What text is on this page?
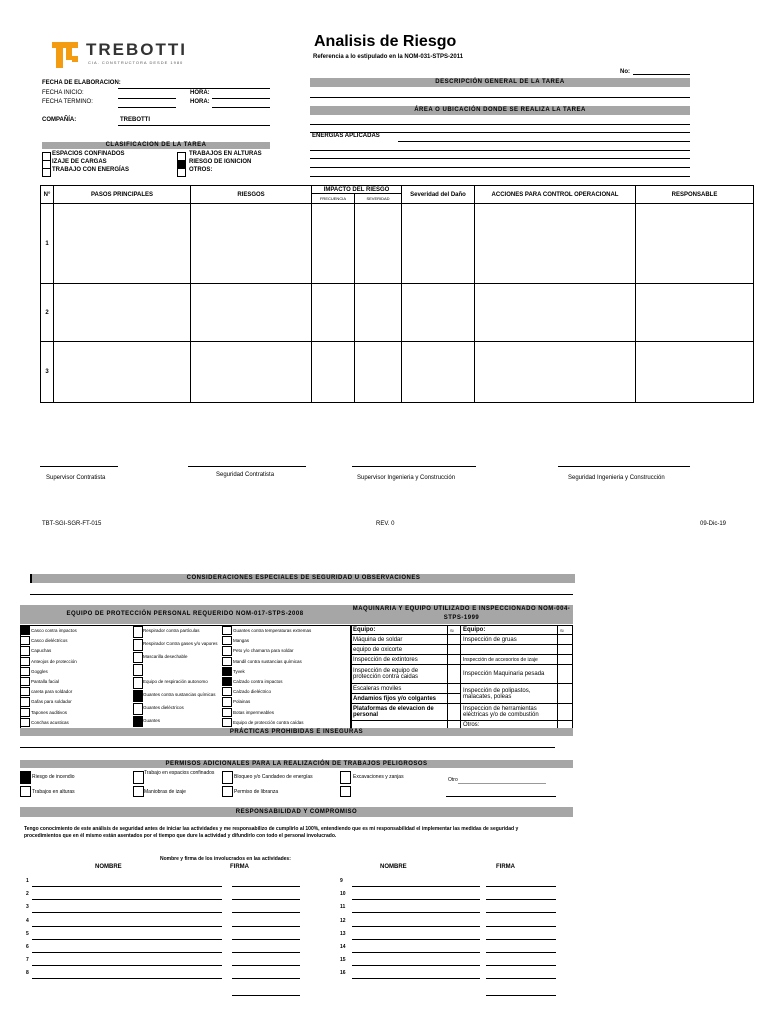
TREBOTTI
CIA. CONSTRUCTORA DESDE 1980
Analisis de Riesgo
Referencia a lo estipulado en la NOM-031-STPS-2011
No:
FECHA DE ELABORACION:
FECHA INICIO:	HORA:
FECHA TERMINO:	HORA:
COMPAÑÍA:	TREBOTTI
DESCRIPCIÓN GENERAL DE LA TAREA
ÁREA O UBICACIÓN DONDE SE REALIZA LA TAREA
ENERGIAS APLICADAS
CLASIFICACION DE LA TAREA
ESPACIOS CONFINADOS
IZAJE DE CARGAS
TRABAJO CON ENERGÍAS
TRABAJOS EN ALTURAS
RIESGO DE IGNICION
OTROS:
N°	PASOS PRINCIPALES	RIESGOS	IMPACTO DEL RIESGO		Severidad del Daño	ACCIONES PARA CONTROL OPERACIONAL	RESPONSABLE
			FRECUENCIA	SEVERIDAD			
1							
2							
3							
Supervisor Contratista	Seguridad Contratista	Supervisor Ingenieria y Construcción	Seguridad Ingenieria y Construcción
TBT-SGI-SGR-FT-015	REV. 0	09-Dic-19
CONSIDERACIONES ESPECIALES DE SEGURIDAD U OBSERVACIONES
EQUIPO DE PROTECCIÓN PERSONAL REQUERIDO NOM-017-STPS-2008
MAQUINARIA Y EQUIPO UTILIZADO E INSPECCIONADO NOM-004-STPS-1999
Casco contra impactos
Casco dieléctricos
Capuchas
Anteojos de protección
Goggles
Pantalla facial
careta para soldador
Gafas para soldador
Tapones auditivos
Conchas acusticas
Respirador contra partículas
Respirador Contra gases y/o vapores
Mascarilla desechable
Equipo de respiración autonomo
Guantes contra sustancias químicas
Guantes dieléctricos
Guantes
Guantes contra temperaturas extremas
Mangas
Peto y/o chamarra para soldar
Mandil contra sustancias químicas
Tyvek
Calzado contra impactos
Calzado dieléctrico
Polainas
Botas impermeables
Equipo de protección contra caídas
Equipo:	Si	Equipo:	Si
Máquina de soldar		Inspección de gruas	
equipo de oxicorte			
Inspección de extintores		Inspección de accesorios de izaje	
Inspección de equipo de protección contra caidas		Inspección Maquinaria pesada	
Escaleras moviles		Inspección de polipastos, malacates, poleas	
Andamios fijos y/o colgantes			
Plataformas de elevacion de personal		Inspeccion de herramientas eléctricas y/o de combustión	
		Otros:	
PRÁCTICAS PROHIBIDAS E INSEGURAS
PERMISOS ADICIONALES PARA LA REALIZACIÓN DE TRABAJOS PELIGROSOS
Riesgo de incendio
Trabajos en alturas
Trabajo en espacios confinados
Maniobras de izaje
Bloqueo y/o Candadeo de energías
Permiso de libranza
Excavaciones y zanjas	Otro
RESPONSABILIDAD Y COMPROMISO
Tengo conocimiento de este análisis de seguridad antes de iniciar las actividades y me responsabilizo de cumplirlo al 100%, entendiendo que es mi responsabilidad el implementar las medidas de seguridad y procedimientos que en él mismo están asentados por el tiempo que dure la actividad y difundirlo con todo el personal involucrado.
Nombre y firma de los involucrados en las actividades:
NOMBRE	FIRMA	NOMBRE	FIRMA
1	9
2	10
3	11
4	12
5	13
6	14
7	15
8	16
